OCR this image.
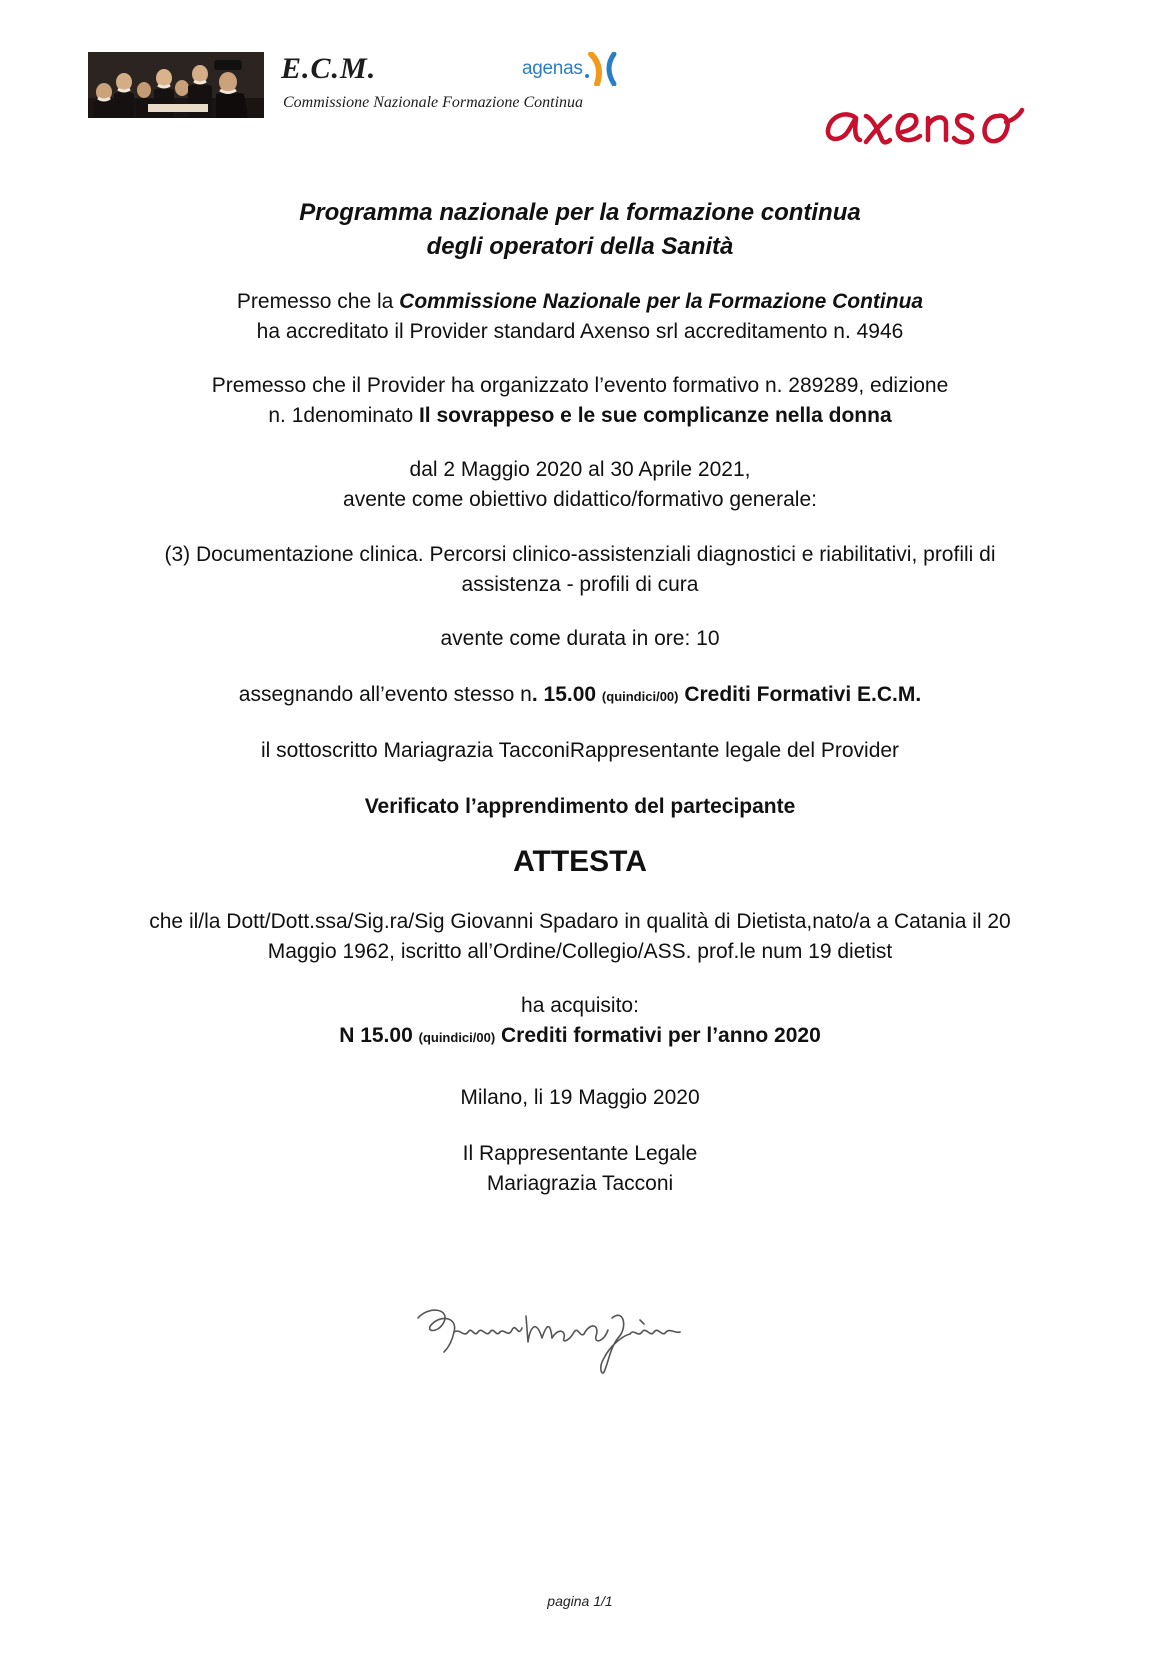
E.C.M.
Commissione Nazionale Formazione Continua
agenas
Programma nazionale per la formazione continua
degli operatori della Sanità
Premesso che la Commissione Nazionale per la Formazione Continua
ha accreditato il Provider standard Axenso srl accreditamento n. 4946
Premesso che il Provider ha organizzato l’evento formativo n. 289289, edizione
n. 1denominato Il sovrappeso e le sue complicanze nella donna
dal 2 Maggio 2020 al 30 Aprile 2021,
avente come obiettivo didattico/formativo generale:
(3) Documentazione clinica. Percorsi clinico-assistenziali diagnostici e riabilitativi, profili di
assistenza - profili di cura
avente come durata in ore: 10
assegnando all’evento stesso n. 15.00 (quindici/00) Crediti Formativi E.C.M.
il sottoscritto Mariagrazia TacconiRappresentante legale del Provider
Verificato l’apprendimento del partecipante
ATTESTA
che il/la Dott/Dott.ssa/Sig.ra/Sig Giovanni Spadaro in qualità di Dietista,nato/a a Catania il 20
Maggio 1962, iscritto all’Ordine/Collegio/ASS. prof.le num 19 dietist
ha acquisito:
N 15.00 (quindici/00) Crediti formativi per l’anno 2020
Milano, li 19 Maggio 2020
Il Rappresentante Legale
Mariagrazia Tacconi
pagina 1/1
